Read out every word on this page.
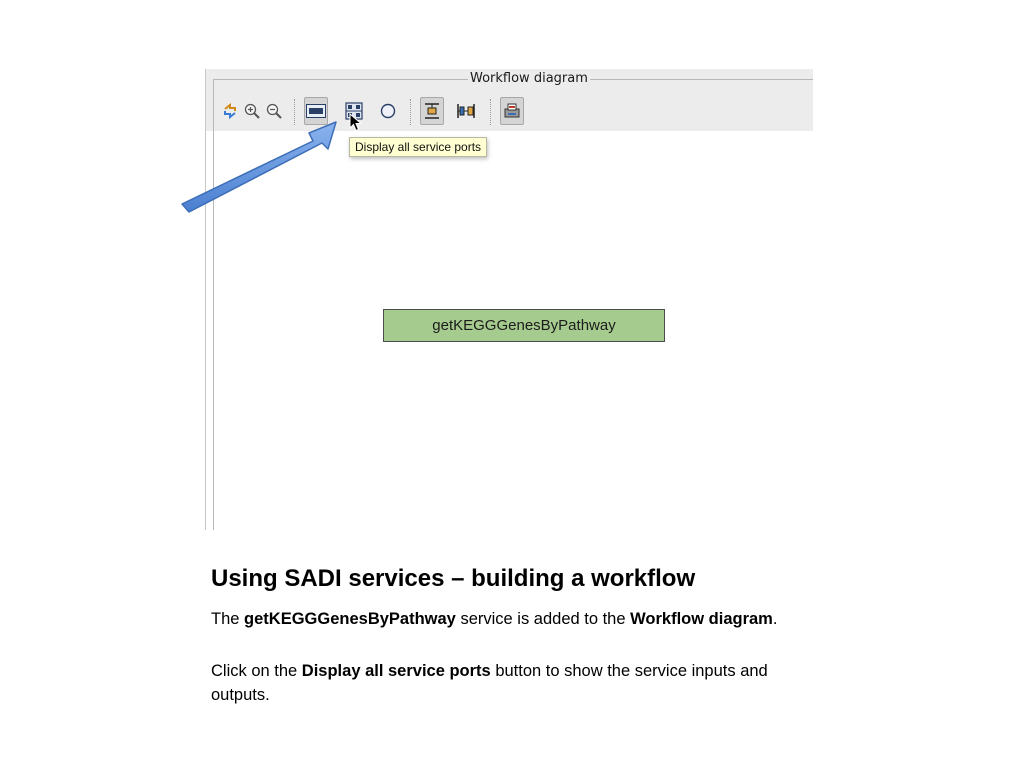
Workflow diagram
getKEGGGenesByPathway
Display all service ports
Using SADI services – building a workflow

The getKEGGGenesByPathway service is added to the Workflow diagram.

Click on the Display all service ports button to show the service inputs and outputs.
